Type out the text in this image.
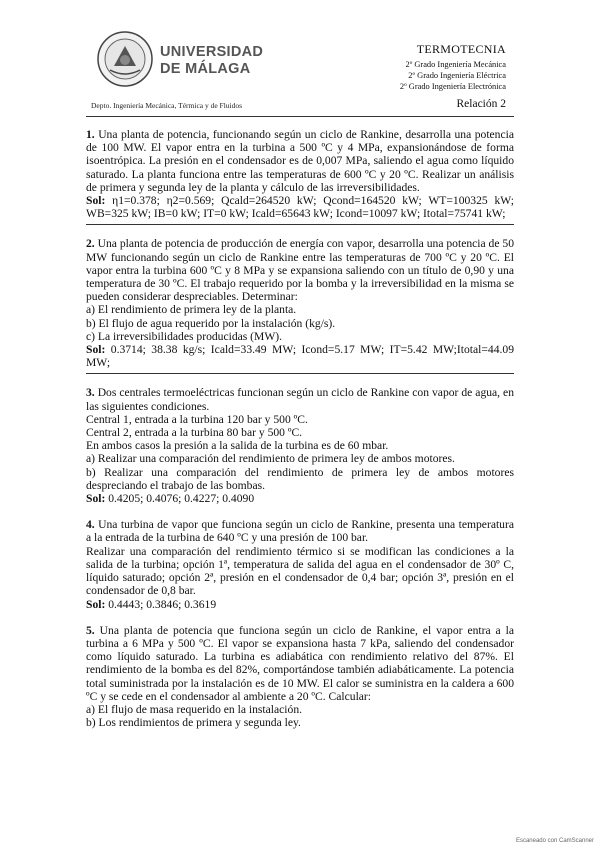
UNIVERSIDAD
DE MÁLAGA
Depto. Ingeniería Mecánica, Térmica y de Fluidos
TERMOTECNIA
2º Grado Ingeniería Mecánica
2º Grado Ingeniería Eléctrica
2º Grado Ingeniería Electrónica
Relación 2

1. Una planta de potencia, funcionando según un ciclo de Rankine, desarrolla una potencia de 100 MW. El vapor entra en la turbina a 500 ºC y 4 MPa, expansionándose de forma isoentrópica. La presión en el condensador es de 0,007 MPa, saliendo el agua como líquido saturado. La planta funciona entre las temperaturas de 600 ºC y 20 ºC. Realizar un análisis de primera y segunda ley de la planta y cálculo de las irreversibilidades.

Sol: η1=0.378; η2=0.569; Qcald=264520 kW; Qcond=164520 kW; WT=100325 kW; WB=325 kW; IB=0 kW; IT=0 kW; Icald=65643 kW; Icond=10097 kW; Itotal=75741 kW;

2. Una planta de potencia de producción de energía con vapor, desarrolla una potencia de 50 MW funcionando según un ciclo de Rankine entre las temperaturas de 700 ºC y 20 ºC. El vapor entra la turbina 600 ºC y 8 MPa y se expansiona saliendo con un título de 0,90 y una temperatura de 30 ºC. El trabajo requerido por la bomba y la irreversibilidad en la misma se pueden considerar despreciables. Determinar:

a) El rendimiento de primera ley de la planta.

b) El flujo de agua requerido por la instalación (kg/s).

c) La irreversibilidades producidas (MW).

Sol: 0.3714; 38.38 kg/s; Icald=33.49 MW; Icond=5.17 MW; IT=5.42 MW;Itotal=44.09 MW;

3. Dos centrales termoeléctricas funcionan según un ciclo de Rankine con vapor de agua, en las siguientes condiciones.

Central 1, entrada a la turbina 120 bar y 500 ºC.

Central 2, entrada a la turbina 80 bar y 500 ºC.

En ambos casos la presión a la salida de la turbina es de 60 mbar.

a) Realizar una comparación del rendimiento de primera ley de ambos motores.

b) Realizar una comparación del rendimiento de primera ley de ambos motores despreciando el trabajo de las bombas.

Sol: 0.4205; 0.4076; 0.4227; 0.4090

4. Una turbina de vapor que funciona según un ciclo de Rankine, presenta una temperatura a la entrada de la turbina de 640 ºC y una presión de 100 bar.

Realizar una comparación del rendimiento térmico si se modifican las condiciones a la salida de la turbina; opción 1ª, temperatura de salida del agua en el condensador de 30º C, líquido saturado; opción 2ª, presión en el condensador de 0,4 bar; opción 3ª, presión en el condensador de 0,8 bar.

Sol: 0.4443; 0.3846; 0.3619

5. Una planta de potencia que funciona según un ciclo de Rankine, el vapor entra a la turbina a 6 MPa y 500 ºC. El vapor se expansiona hasta 7 kPa, saliendo del condensador como líquido saturado. La turbina es adiabática con rendimiento relativo del 87%. El rendimiento de la bomba es del 82%, comportándose también adiabáticamente. La potencia total suministrada por la instalación es de 10 MW. El calor se suministra en la caldera a 600 ºC y se cede en el condensador al ambiente a 20 ºC. Calcular:

a) El flujo de masa requerido en la instalación.

b) Los rendimientos de primera y segunda ley.

Escaneado con CamScanner
